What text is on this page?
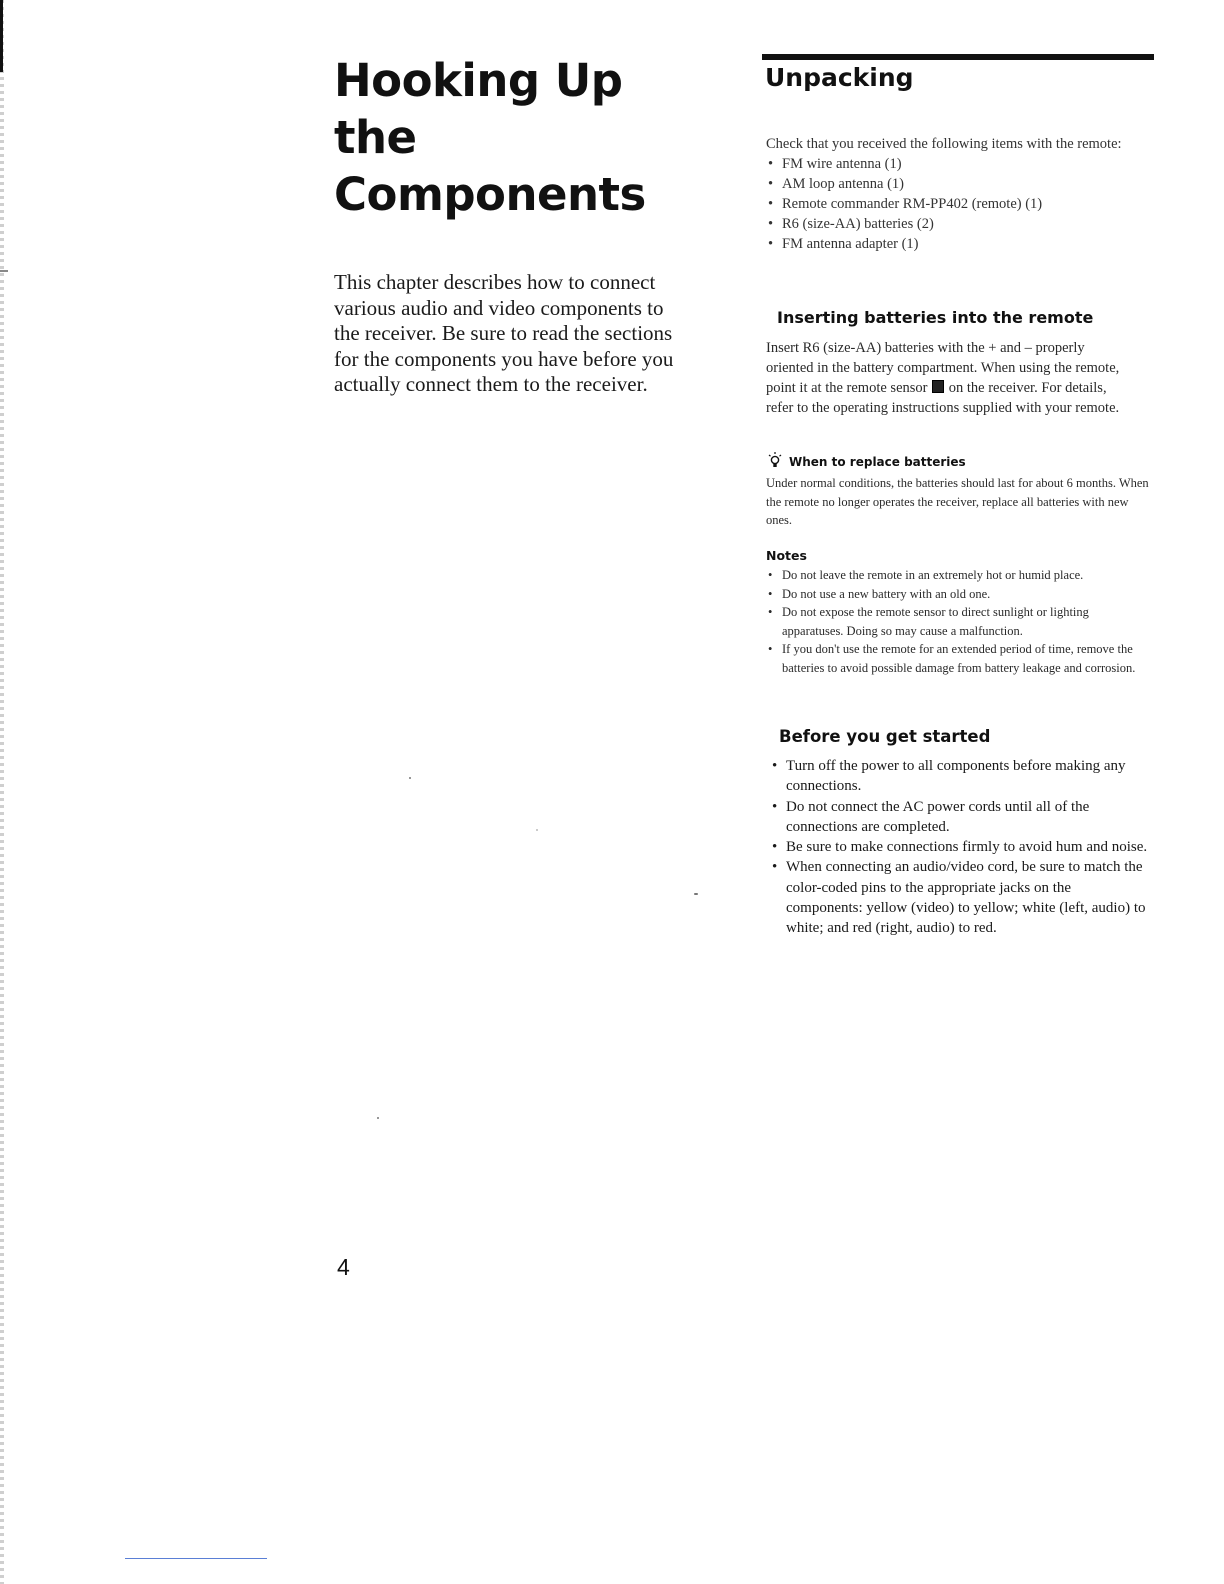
Hooking Up
the
Components

This chapter describes how to connect various audio and video components to the receiver. Be sure to read the sections for the components you have before you actually connect them to the receiver.

4
Unpacking
Check that you received the following items with the remote:
• FM wire antenna (1)
• AM loop antenna (1)
• Remote commander RM-PP402 (remote) (1)
• R6 (size-AA) batteries (2)
• FM antenna adapter (1)
Inserting batteries into the remote

Insert R6 (size-AA) batteries with the + and – properly oriented in the battery compartment. When using the remote, point it at the remote sensor on the receiver. For details, refer to the operating instructions supplied with your remote.

When to replace batteries

Under normal conditions, the batteries should last for about 6 months. When the remote no longer operates the receiver, replace all batteries with new ones.

Notes
• Do not leave the remote in an extremely hot or humid place.
• Do not use a new battery with an old one.
• Do not expose the remote sensor to direct sunlight or lighting apparatuses. Doing so may cause a malfunction.
• If you don't use the remote for an extended period of time, remove the batteries to avoid possible damage from battery leakage and corrosion.
Before you get started
• Turn off the power to all components before making any connections.
• Do not connect the AC power cords until all of the connections are completed.
• Be sure to make connections firmly to avoid hum and noise.
• When connecting an audio/video cord, be sure to match the color-coded pins to the appropriate jacks on the components: yellow (video) to yellow; white (left, audio) to white; and red (right, audio) to red.
